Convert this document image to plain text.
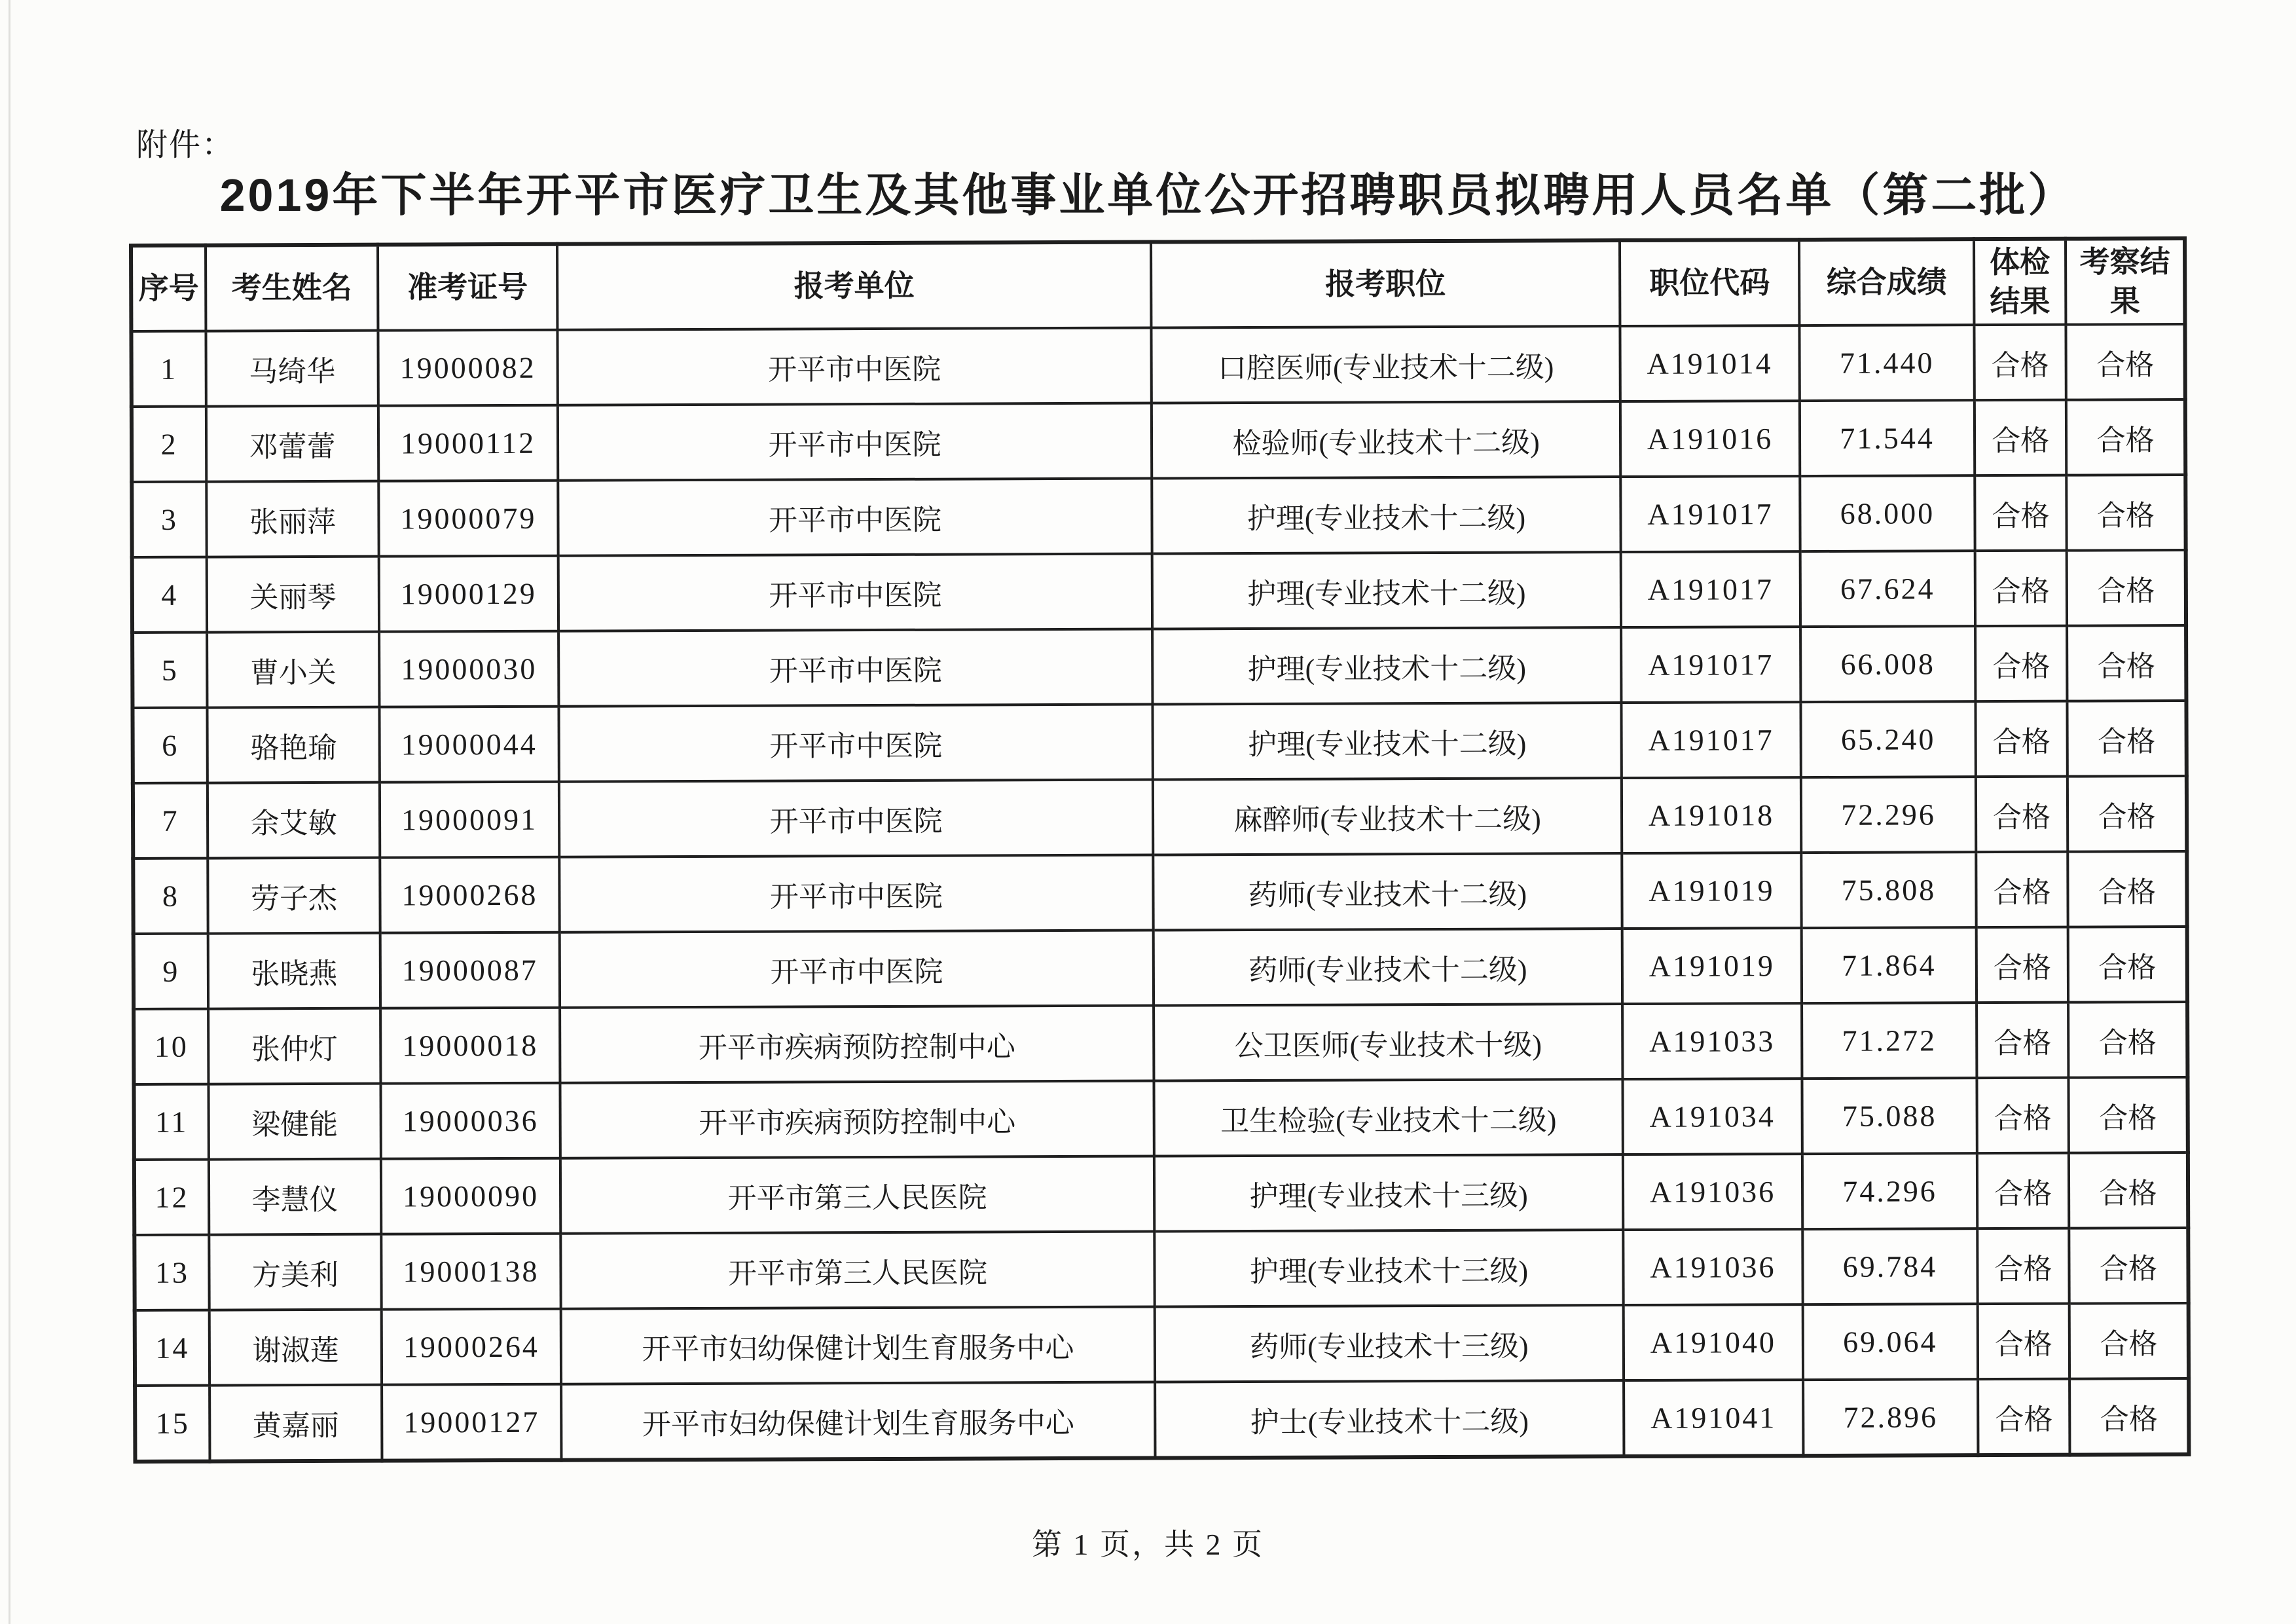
附件：
2019年下半年开平市医疗卫生及其他事业单位公开招聘职员拟聘用人员名单（第二批）
序号	考生姓名	准考证号	报考单位	报考职位	职位代码	综合成绩	体检结果	考察结果
1	马绮华	19000082	开平市中医院	口腔医师(专业技术十二级)	A191014	71.440	合格	合格
2	邓蕾蕾	19000112	开平市中医院	检验师(专业技术十二级)	A191016	71.544	合格	合格
3	张丽萍	19000079	开平市中医院	护理(专业技术十二级)	A191017	68.000	合格	合格
4	关丽琴	19000129	开平市中医院	护理(专业技术十二级)	A191017	67.624	合格	合格
5	曹小关	19000030	开平市中医院	护理(专业技术十二级)	A191017	66.008	合格	合格
6	骆艳瑜	19000044	开平市中医院	护理(专业技术十二级)	A191017	65.240	合格	合格
7	余艾敏	19000091	开平市中医院	麻醉师(专业技术十二级)	A191018	72.296	合格	合格
8	劳子杰	19000268	开平市中医院	药师(专业技术十二级)	A191019	75.808	合格	合格
9	张晓燕	19000087	开平市中医院	药师(专业技术十二级)	A191019	71.864	合格	合格
10	张仲灯	19000018	开平市疾病预防控制中心	公卫医师(专业技术十级)	A191033	71.272	合格	合格
11	梁健能	19000036	开平市疾病预防控制中心	卫生检验(专业技术十二级)	A191034	75.088	合格	合格
12	李慧仪	19000090	开平市第三人民医院	护理(专业技术十三级)	A191036	74.296	合格	合格
13	方美利	19000138	开平市第三人民医院	护理(专业技术十三级)	A191036	69.784	合格	合格
14	谢淑莲	19000264	开平市妇幼保健计划生育服务中心	药师(专业技术十三级)	A191040	69.064	合格	合格
15	黄嘉丽	19000127	开平市妇幼保健计划生育服务中心	护士(专业技术十二级)	A191041	72.896	合格	合格
第 1 页，共 2 页
